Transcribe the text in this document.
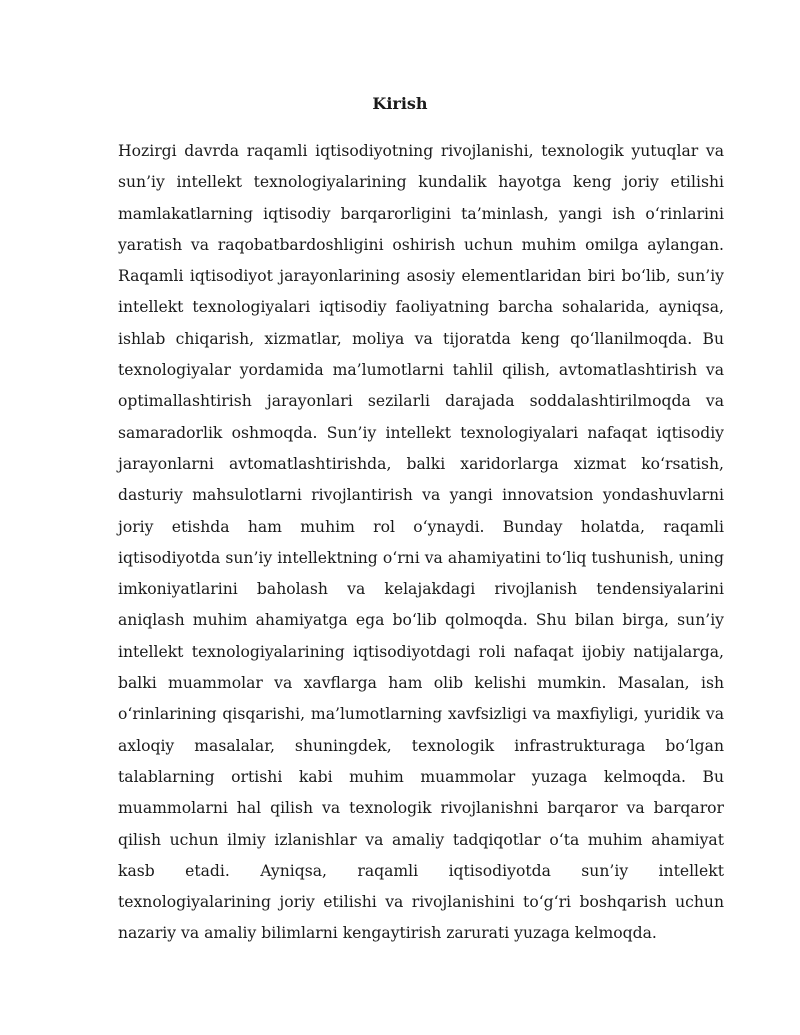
Kirish

Hozirgi davrda raqamli iqtisodiyotning rivojlanishi, texnologik yutuqlar va sun’iy intellekt texnologiyalarining kundalik hayotga keng joriy etilishi mamlakatlarning iqtisodiy barqarorligini ta’minlash, yangi ish o‘rinlarini yaratish va raqobatbardoshligini oshirish uchun muhim omilga aylangan. Raqamli iqtisodiyot jarayonlarining asosiy elementlaridan biri bo‘lib, sun’iy intellekt texnologiyalari iqtisodiy faoliyatning barcha sohalarida, ayniqsa, ishlab chiqarish, xizmatlar, moliya va tijoratda keng qo‘llanilmoqda. Bu texnologiyalar yordamida ma’lumotlarni tahlil qilish, avtomatlashtirish va optimallashtirish jarayonlari sezilarli darajada soddalashtirilmoqda va samaradorlik oshmoqda. Sun’iy intellekt texnologiyalari nafaqat iqtisodiy jarayonlarni avtomatlashtirishda, balki xaridorlarga xizmat ko‘rsatish, dasturiy mahsulotlarni rivojlantirish va yangi innovatsion yondashuvlarni joriy etishda ham muhim rol o‘ynaydi. Bunday holatda, raqamli iqtisodiyotda sun’iy intellektning o‘rni va ahamiyatini to‘liq tushunish, uning imkoniyatlarini baholash va kelajakdagi rivojlanish tendensiyalarini aniqlash muhim ahamiyatga ega bo‘lib qolmoqda. Shu bilan birga, sun’iy intellekt texnologiyalarining iqtisodiyotdagi roli nafaqat ijobiy natijalarga, balki muammolar va xavflarga ham olib kelishi mumkin. Masalan, ish o‘rinlarining qisqarishi, ma’lumotlarning xavfsizligi va maxfiyligi, yuridik va axloqiy masalalar, shuningdek, texnologik infrastrukturaga bo‘lgan talablarning ortishi kabi muhim muammolar yuzaga kelmoqda. Bu muammolarni hal qilish va texnologik rivojlanishni barqaror va barqaror qilish uchun ilmiy izlanishlar va amaliy tadqiqotlar o‘ta muhim ahamiyat kasb etadi. Ayniqsa, raqamli iqtisodiyotda sun’iy intellekt texnologiyalarining joriy etilishi va rivojlanishini to‘g‘ri boshqarish uchun nazariy va amaliy bilimlarni kengaytirish zarurati yuzaga kelmoqda.
